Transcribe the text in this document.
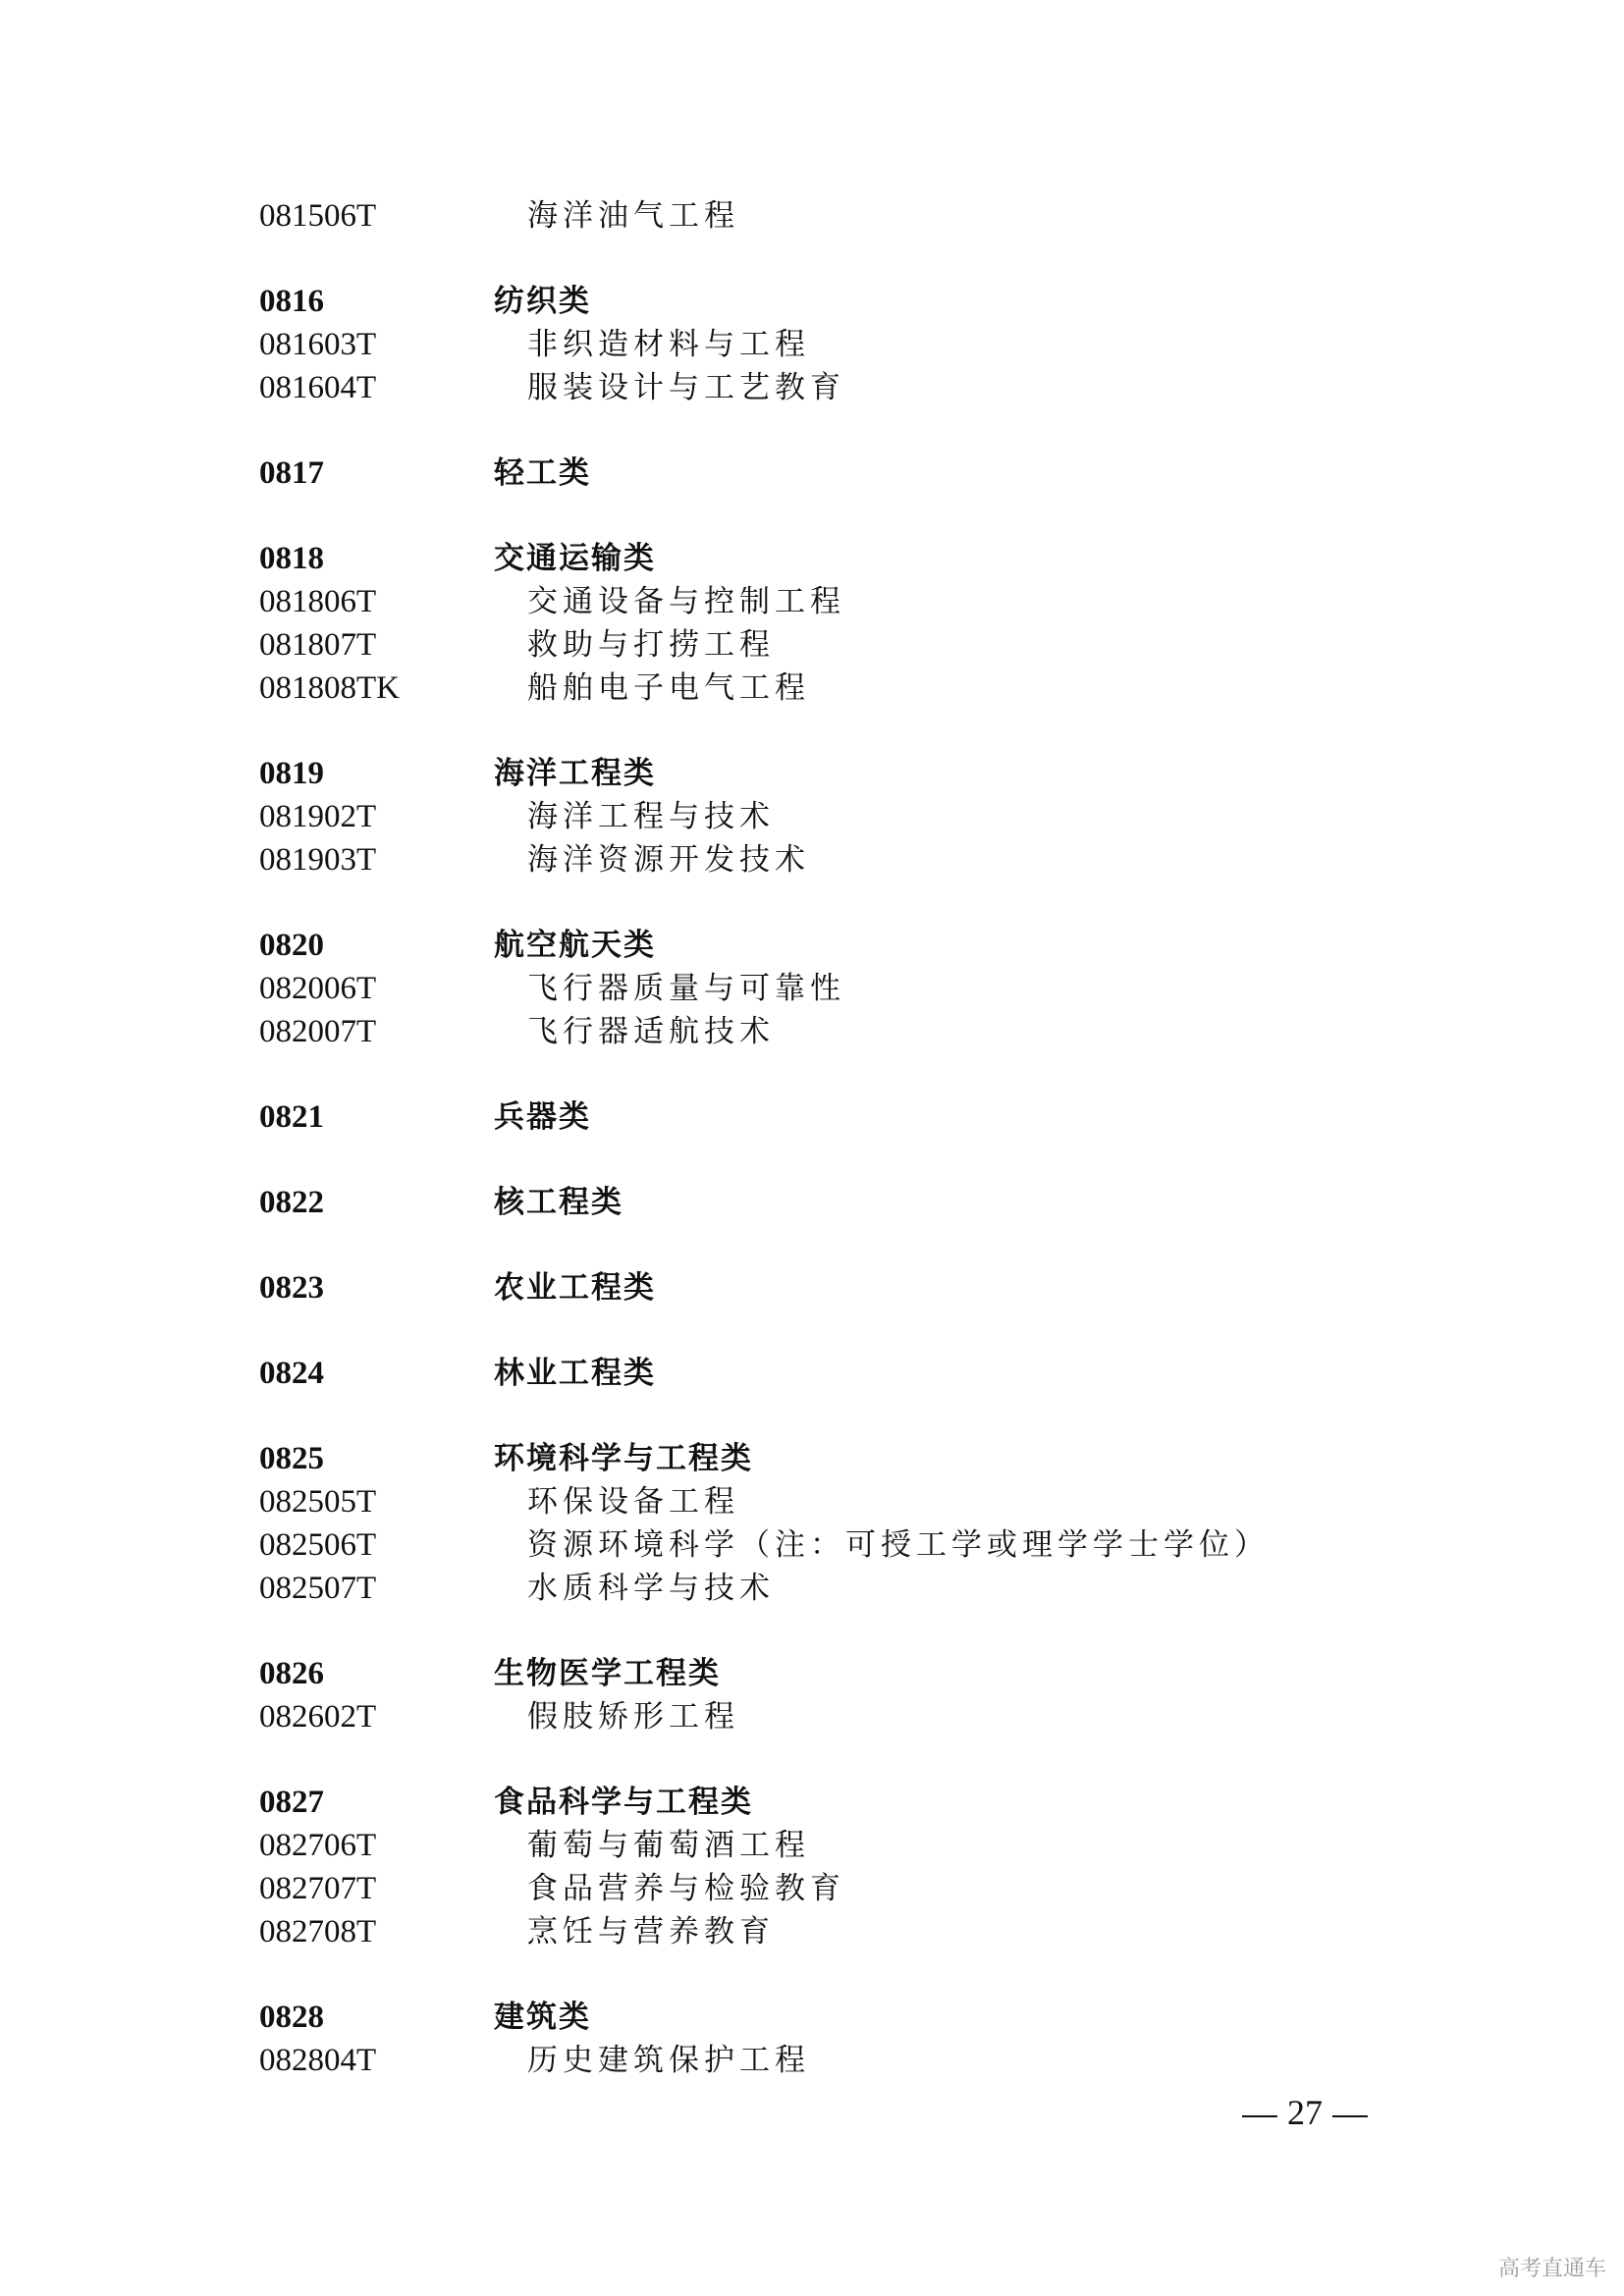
081506T	海洋油气工程
0816	纺织类
081603T	非织造材料与工程
081604T	服装设计与工艺教育
0817	轻工类
0818	交通运输类
081806T	交通设备与控制工程
081807T	救助与打捞工程
081808TK	船舶电子电气工程
0819	海洋工程类
081902T	海洋工程与技术
081903T	海洋资源开发技术
0820	航空航天类
082006T	飞行器质量与可靠性
082007T	飞行器适航技术
0821	兵器类
0822	核工程类
0823	农业工程类
0824	林业工程类
0825	环境科学与工程类
082505T	环保设备工程
082506T	资源环境科学（注：可授工学或理学学士学位）
082507T	水质科学与技术
0826	生物医学工程类
082602T	假肢矫形工程
0827	食品科学与工程类
082706T	葡萄与葡萄酒工程
082707T	食品营养与检验教育
082708T	烹饪与营养教育
0828	建筑类
082804T	历史建筑保护工程
27
高考直通车
